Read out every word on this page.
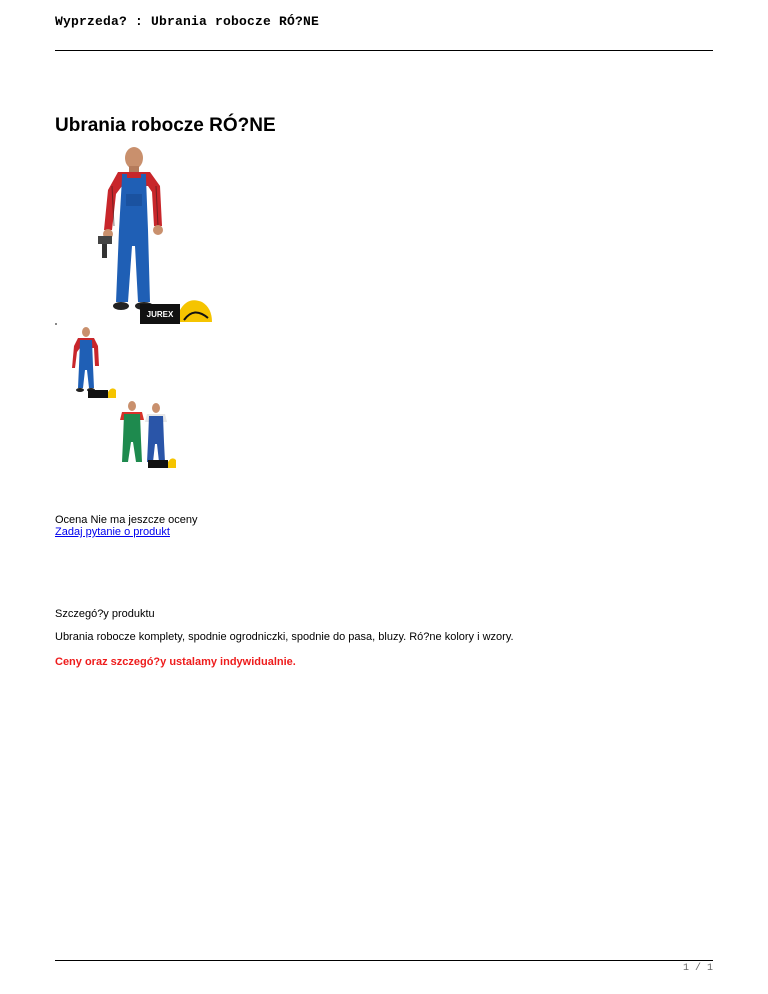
Wyprzeda? : Ubrania robocze RÓ?NE
Ubrania robocze RÓ?NE
JUREX
Ocena Nie ma jeszcze oceny
Zadaj pytanie o produkt
Szczegó?y produktu
Ubrania robocze komplety, spodnie ogrodniczki, spodnie do pasa, bluzy. Ró?ne kolory i wzory.
Ceny oraz szczegó?y ustalamy indywidualnie.
1 / 1
